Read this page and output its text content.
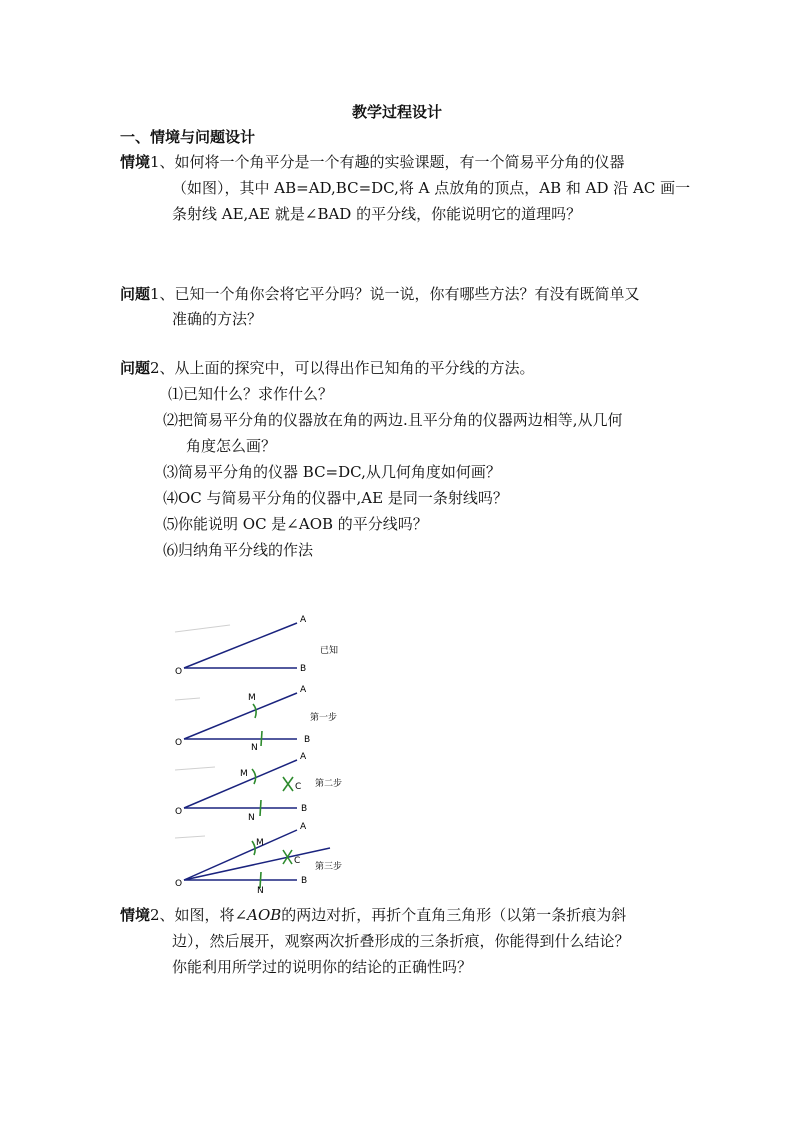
教学过程设计
一、情境与问题设计
情境1、如何将一个角平分是一个有趣的实验课题，有一个简易平分角的仪器
（如图），其中 AB=AD,BC=DC,将 A 点放角的顶点，AB 和 AD 沿 AC 画一
条射线 AE,AE 就是∠BAD 的平分线，你能说明它的道理吗？
问题1、已知一个角你会将它平分吗？说一说，你有哪些方法？有没有既简单又
准确的方法？
问题2、从上面的探究中，可以得出作已知角的平分线的方法。
⑴已知什么？求作什么？
⑵把简易平分角的仪器放在角的两边.且平分角的仪器两边相等,从几何
角度怎么画？
⑶简易平分角的仪器 BC=DC,从几何角度如何画？
⑷OC 与简易平分角的仪器中,AE 是同一条射线吗？
⑸你能说明 OC 是∠AOB 的平分线吗？
⑹归纳角平分线的作法
A
B
O
已知
A
B
O
M
N
第一步
A
B
O
M
N
C 第二步
A
B
O
M
N
C
第三步
情境2、如图，将∠AOB的两边对折，再折个直角三角形（以第一条折痕为斜
边），然后展开，观察两次折叠形成的三条折痕，你能得到什么结论？
你能利用所学过的说明你的结论的正确性吗？
